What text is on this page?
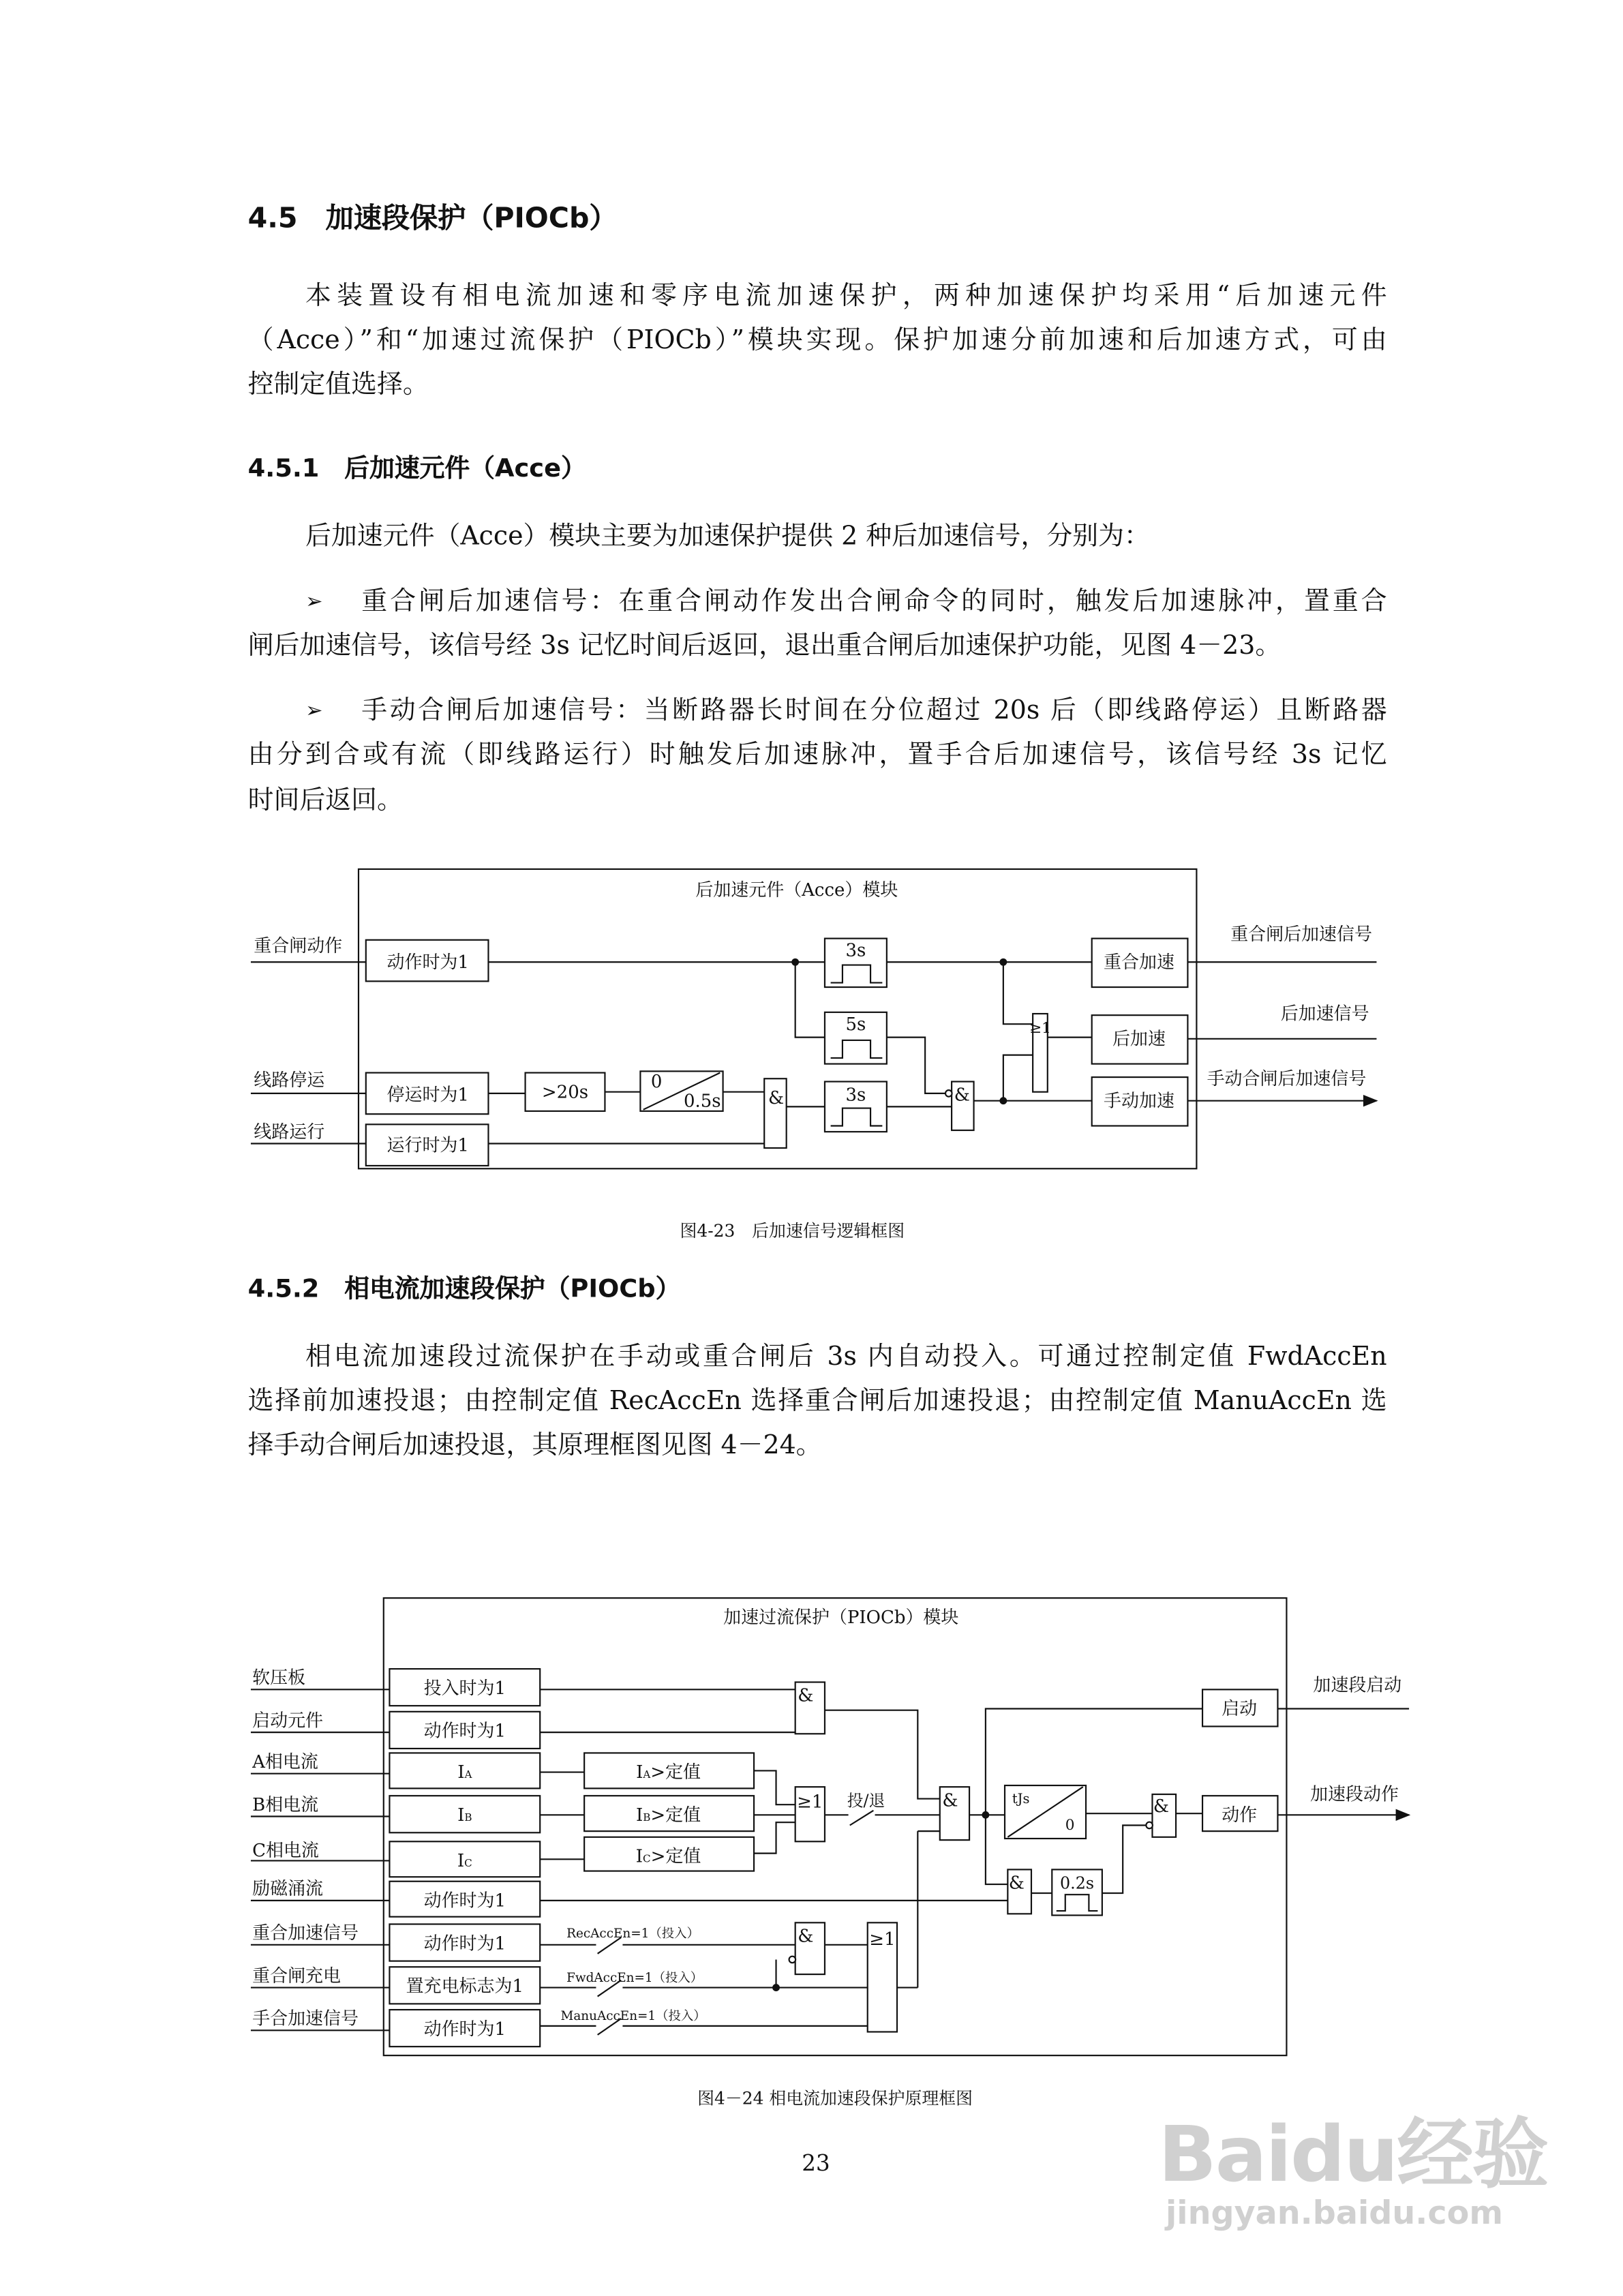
4.5　加速段保护（PIOCb）
本装置设有相电流加速和零序电流加速保护，两种加速保护均采用“后加速元件
（Acce）”和“加速过流保护（PIOCb）”模块实现。保护加速分前加速和后加速方式，可由
控制定值选择。
4.5.1　后加速元件（Acce）
后加速元件（Acce）模块主要为加速保护提供 2 种后加速信号，分别为：
➢	重合闸后加速信号：在重合闸动作发出合闸命令的同时，触发后加速脉冲，置重合
闸后加速信号，该信号经 3s 记忆时间后返回，退出重合闸后加速保护功能，见图 4－23。
➢	手动合闸后加速信号：当断路器长时间在分位超过 20s 后（即线路停运）且断路器
由分到合或有流（即线路运行）时触发后加速脉冲，置手合后加速信号，该信号经 3s 记忆
时间后返回。
图4-23　后加速信号逻辑框图
4.5.2　相电流加速段保护（PIOCb）
相电流加速段过流保护在手动或重合闸后 3s 内自动投入。可通过控制定值 FwdAccEn
选择前加速投退；由控制定值 RecAccEn 选择重合闸后加速投退；由控制定值 ManuAccEn 选
择手动合闸后加速投退，其原理框图见图 4－24。
图4－24 相电流加速段保护原理框图
23
后加速元件（Acce）模块
重合闸动作
线路停运
线路运行
动作时为1
停运时为1
运行时为1
>20s
0
0.5s	&
3s
5s
3s	&
≥1
重合加速
后加速
手动加速
重合闸后加速信号
后加速信号
手动合闸后加速信号
加速过流保护（PIOCb）模块
软压板
启动元件
A相电流
B相电流
C相电流
励磁涌流
重合加速信号
重合闸充电
手合加速信号
投入时为1
动作时为1
IA
IB
IC
动作时为1
动作时为1
置充电标志为1
动作时为1
投/退
RecAccEn=1（投入）
FwdAccEn=1（投入）
ManuAccEn=1（投入）
IA>定值
IB>定值
IC>定值
&
≥1	&
&
&
&	≥1
tJs
0
0.2s
启动
动作
加速段启动
加速段动作
Baidu经验
jingyan.baidu.com
